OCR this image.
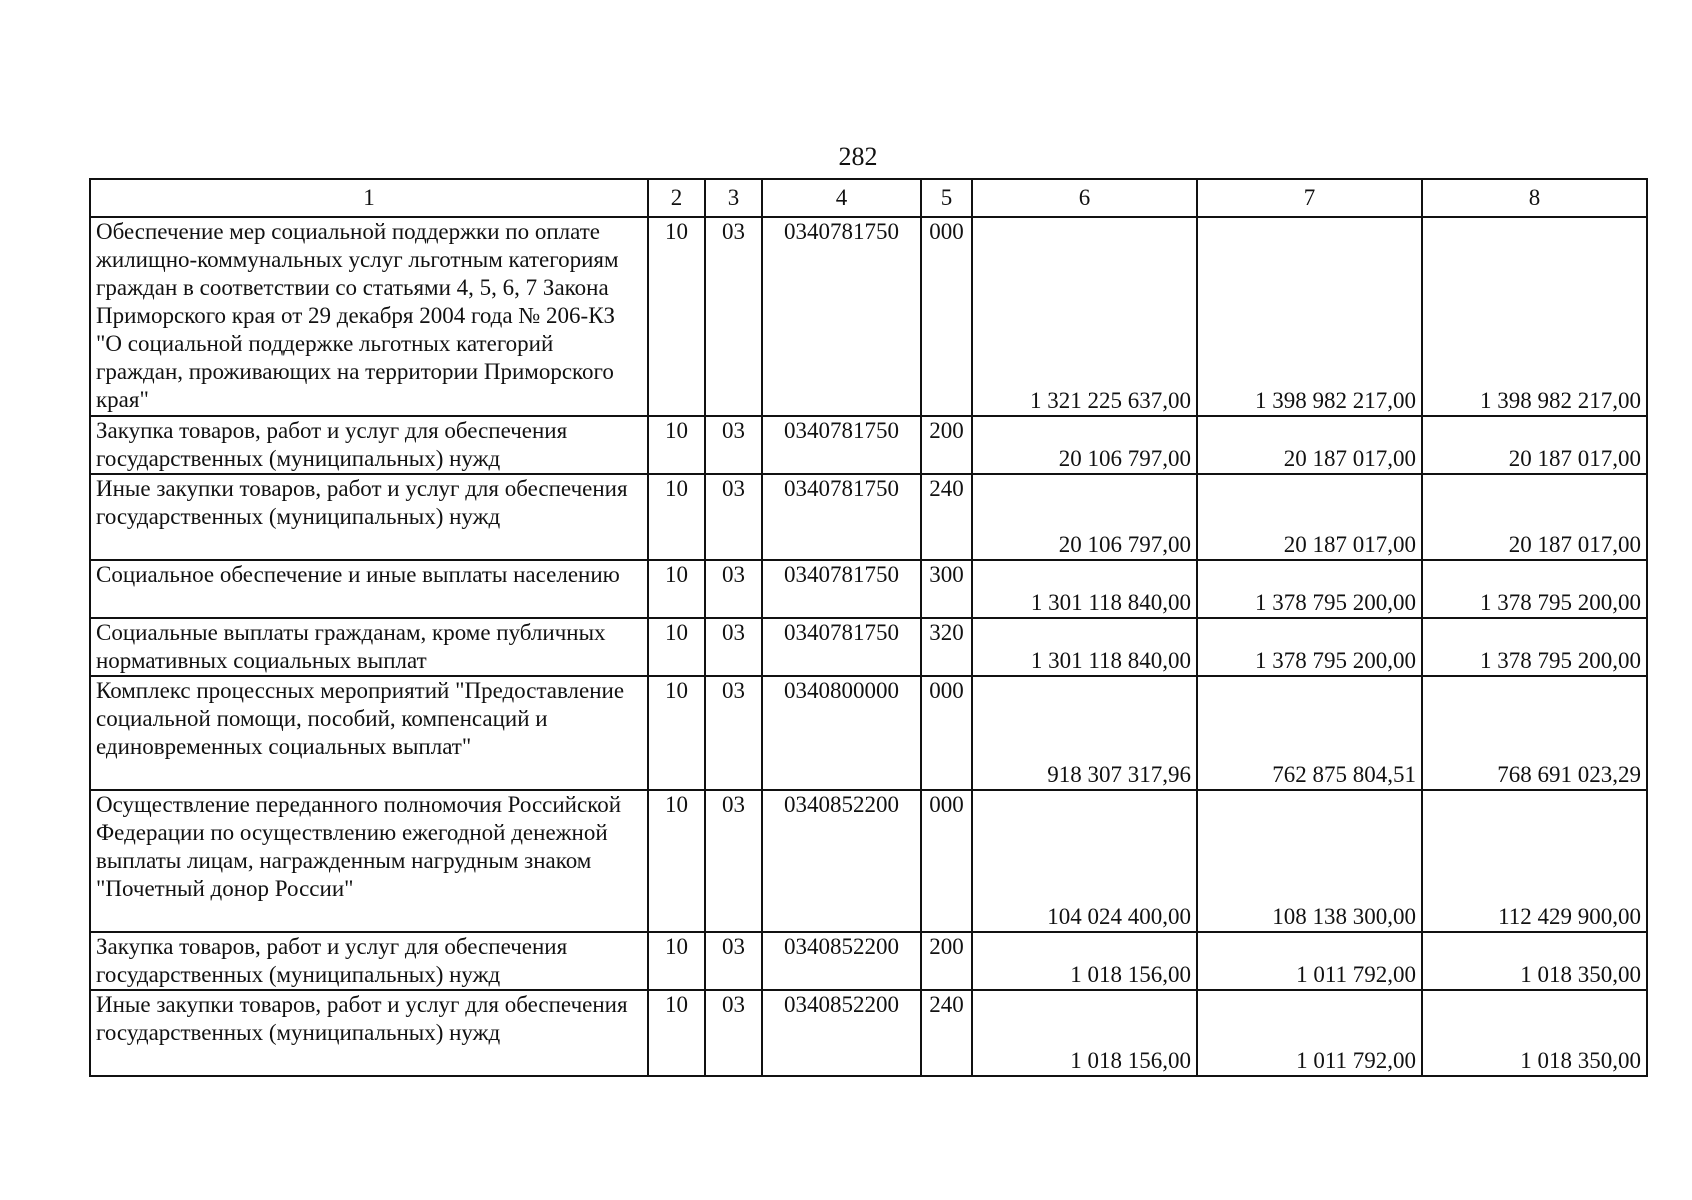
282
1	2	3	4	5	6	7	8
Обеспечение мер социальной поддержки по оплате жилищно-коммунальных услуг льготным категориям граждан в соответствии со статьями 4, 5, 6, 7 Закона Приморского края от 29 декабря 2004 года № 206-КЗ "О социальной поддержке льготных категорий граждан, проживающих на территории Приморского края"	10	03	0340781750	000	1 321 225 637,00	1 398 982 217,00	1 398 982 217,00
Закупка товаров, работ и услуг для обеспечения государственных (муниципальных) нужд	10	03	0340781750	200	20 106 797,00	20 187 017,00	20 187 017,00
Иные закупки товаров, работ и услуг для обеспечения государственных (муниципальных) нужд	10	03	0340781750	240	20 106 797,00	20 187 017,00	20 187 017,00
Социальное обеспечение и иные выплаты населению	10	03	0340781750	300	1 301 118 840,00	1 378 795 200,00	1 378 795 200,00
Социальные выплаты гражданам, кроме публичных нормативных социальных выплат	10	03	0340781750	320	1 301 118 840,00	1 378 795 200,00	1 378 795 200,00
Комплекс процессных мероприятий "Предоставление социальной помощи, пособий, компенсаций и единовременных социальных выплат"	10	03	0340800000	000	918 307 317,96	762 875 804,51	768 691 023,29
Осуществление переданного полномочия Российской Федерации по осуществлению ежегодной денежной выплаты лицам, награжденным нагрудным знаком "Почетный донор России"	10	03	0340852200	000	104 024 400,00	108 138 300,00	112 429 900,00
Закупка товаров, работ и услуг для обеспечения государственных (муниципальных) нужд	10	03	0340852200	200	1 018 156,00	1 011 792,00	1 018 350,00
Иные закупки товаров, работ и услуг для обеспечения государственных (муниципальных) нужд	10	03	0340852200	240	1 018 156,00	1 011 792,00	1 018 350,00
